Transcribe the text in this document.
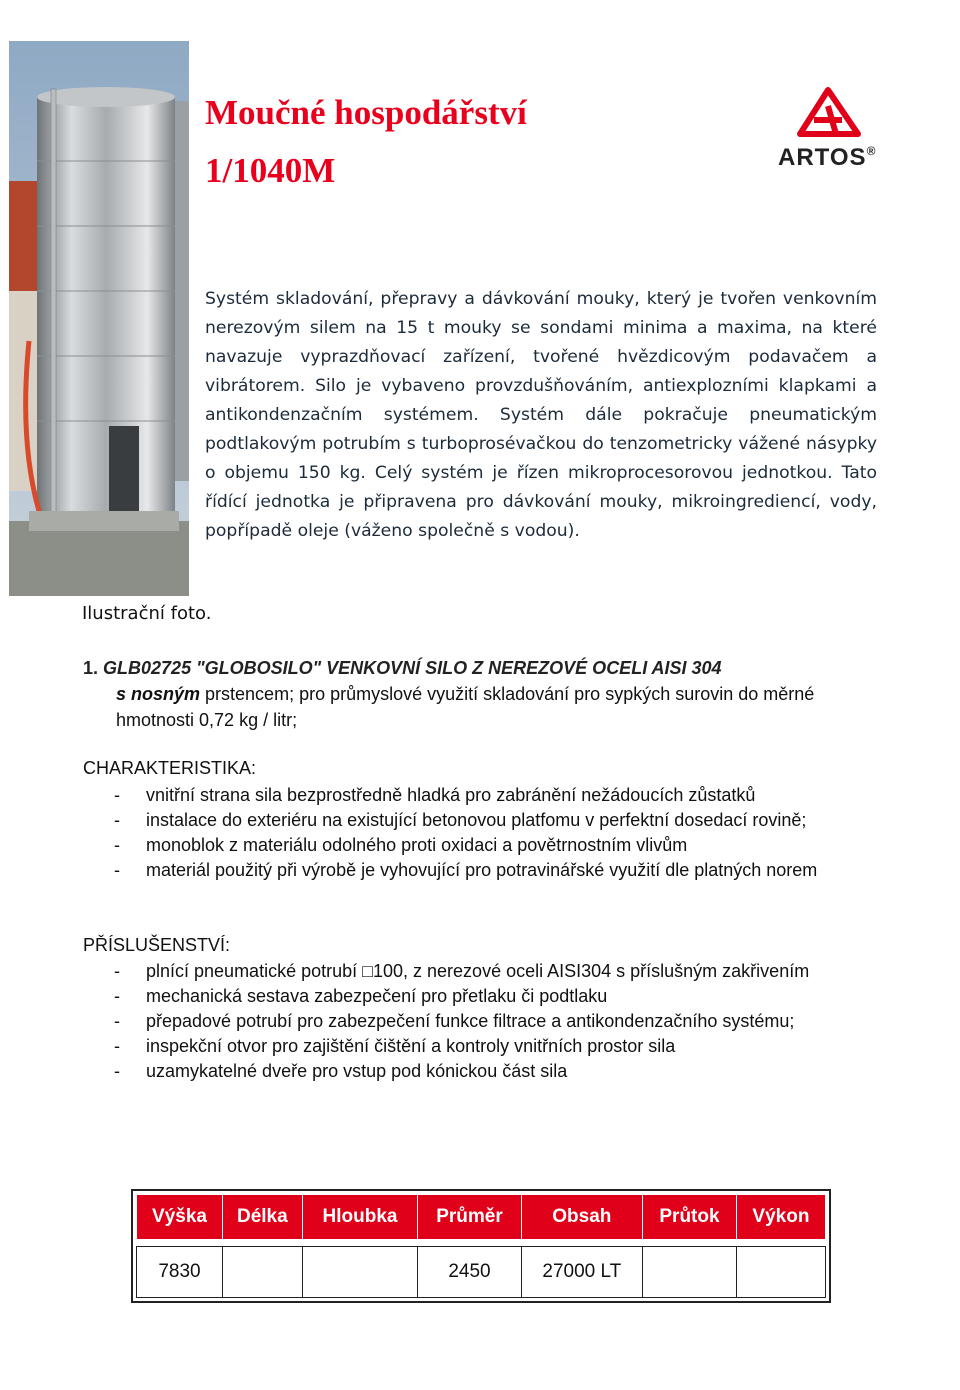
Ilustrační foto.
Moučné hospodářství
1/1040M	ARTOS®
Systém skladování, přepravy a dávkování mouky, který je tvořen venkovním nerezovým silem na 15 t mouky se sondami minima a maxima, na které navazuje vyprazdňovací zařízení, tvořené hvězdicovým podavačem a vibrátorem. Silo je vybaveno provzdušňováním, antiexplozními klapkami a antikondenzačním systémem. Systém dále pokračuje pneumatickým podtlakovým potrubím s turboprosévačkou do tenzometricky vážené násypky o objemu 150 kg. Celý systém je řízen mikroprocesorovou jednotkou. Tato řídící jednotka je připravena pro dávkování mouky, mikroingrediencí, vody, popřípadě oleje (váženo společně s vodou).
1. GLB02725 "GLOBOSILO" VENKOVNÍ SILO Z NEREZOVÉ OCELI AISI 304
s nosným prstencem; pro průmyslové využití skladování pro sypkých surovin do měrné hmotnosti 0,72 kg / litr;
CHARAKTERISTIKA:
- vnitřní strana sila bezprostředně hladká pro zabránění nežádoucích zůstatků
- instalace do exteriéru na existující betonovou platfomu v perfektní dosedací rovině;
- monoblok z materiálu odolného proti oxidaci a povětrnostním vlivům
- materiál použitý při výrobě je vyhovující pro potravinářské využití dle platných norem
PŘÍSLUŠENSTVÍ:
- plnící pneumatické potrubí □100, z nerezové oceli AISI304 s příslušným zakřivením
- mechanická sestava zabezpečení pro přetlaku či podtlaku
- přepadové potrubí pro zabezpečení funkce filtrace a antikondenzačního systému;
- inspekční otvor pro zajištění čištění a kontroly vnitřních prostor sila
- uzamykatelné dveře pro vstup pod kónickou část sila
Výška	Délka	Hloubka	Průměr	Obsah	Průtok	Výkon

7830			2450	27000 LT		
